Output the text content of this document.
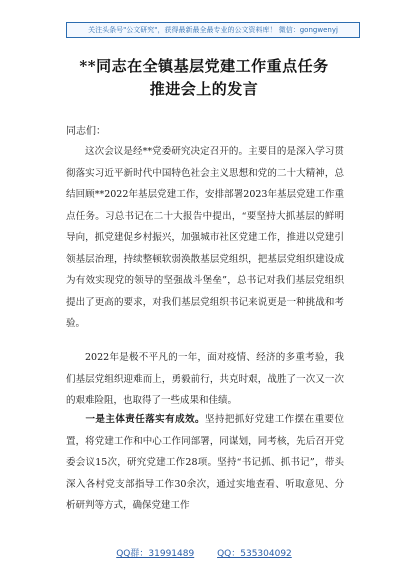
关注头条号"公文研究"，获得最新最全最专业的公文资料库！ 微信：gongwenyj
**同志在全镇基层党建工作重点任务
推进会上的发言
同志们：

这次会议是经**党委研究决定召开的。主要目的是深入学习贯彻落实习近平新时代中国特色社会主义思想和党的二十大精神，总结回顾**2022年基层党建工作，安排部署2023年基层党建工作重点任务。习总书记在二十大报告中提出，“要坚持大抓基层的鲜明导向，抓党建促乡村振兴，加强城市社区党建工作，推进以党建引领基层治理，持续整顿软弱涣散基层党组织，把基层党组织建设成为有效实现党的领导的坚强战斗堡垒”，总书记对我们基层党组织提出了更高的要求，对我们基层党组织书记来说更是一种挑战和考验。

2022年是极不平凡的一年，面对疫情、经济的多重考验，我们基层党组织迎难而上，勇毅前行，共克时艰，战胜了一次又一次的艰难险阻，也取得了一些成果和佳绩。

一是主体责任落实有成效。坚持把抓好党建工作摆在重要位置，将党建工作和中心工作同部署，同谋划，同考核，先后召开党委会议15次，研究党建工作28项。坚持“书记抓、抓书记”，带头深入各村党支部指导工作30余次，通过实地查看、听取意见、分析研判等方式，确保党建工作

QQ群：31991489	QQ：535304092
